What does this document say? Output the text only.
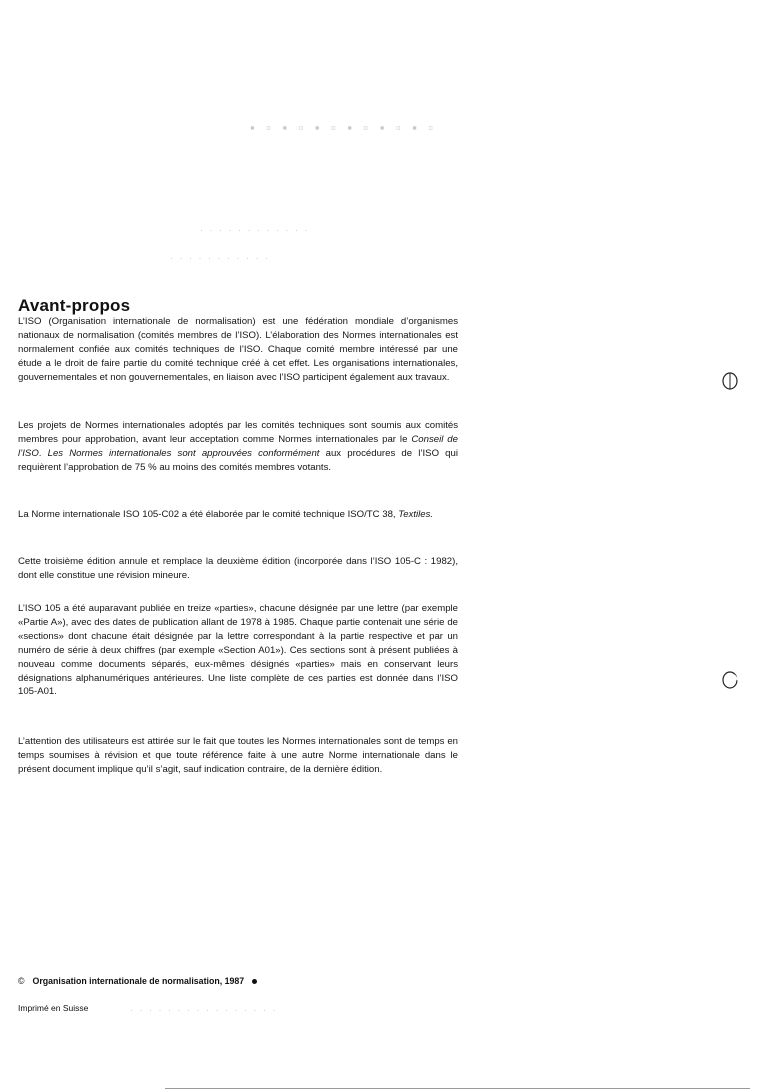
▪ ▫ ▪ ▫ ▪ ▫ ▪ ▫ ▪ ▫ ▪ ▫
· · · · · · · · · · · ·
· · · · · · · · · · ·
Avant-propos

L’ISO (Organisation internationale de normalisation) est une fédération mondiale d’organismes nationaux de normalisation (comités membres de l’ISO). L’élaboration des Normes internationales est normalement confiée aux comités techniques de l’ISO. Chaque comité membre intéressé par une étude a le droit de faire partie du comité technique créé à cet effet. Les organisations internationales, gouvernementales et non gouvernementales, en liaison avec l’ISO participent également aux travaux.

Les projets de Normes internationales adoptés par les comités techniques sont soumis aux comités membres pour approbation, avant leur acceptation comme Normes internationales par le Conseil de l’ISO. Les Normes internationales sont approuvées conformément aux procédures de l’ISO qui requièrent l’approbation de 75 % au moins des comités membres votants.

La Norme internationale ISO 105-C02 a été élaborée par le comité technique ISO/TC 38, Textiles.

Cette troisième édition annule et remplace la deuxième édition (incorporée dans l’ISO 105-C : 1982), dont elle constitue une révision mineure.

L’ISO 105 a été auparavant publiée en treize «parties», chacune désignée par une lettre (par exemple «Partie A»), avec des dates de publication allant de 1978 à 1985. Chaque partie contenait une série de «sections» dont chacune était désignée par la lettre correspondant à la partie respective et par un numéro de série à deux chiffres (par exemple «Section A01»). Ces sections sont à présent publiées à nouveau comme documents séparés, eux-mêmes désignés «parties» mais en conservant leurs désignations alphanumériques antérieures. Une liste complète de ces parties est donnée dans l’ISO 105-A01.

L’attention des utilisateurs est attirée sur le fait que toutes les Normes internationales sont de temps en temps soumises à révision et que toute référence faite à une autre Norme internationale dans le présent document implique qu’il s’agit, sauf indication contraire, de la dernière édition.

© Organisation internationale de normalisation, 1987
Imprimé en Suisse	· · · · · · · · · · · · · · · ·
